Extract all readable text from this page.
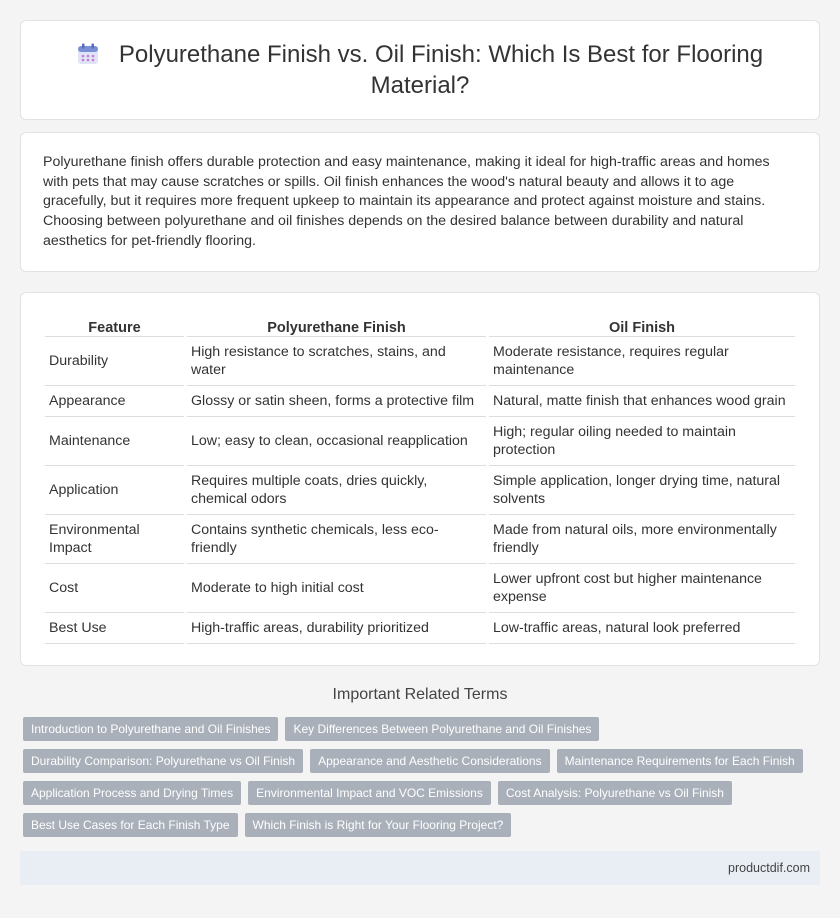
Polyurethane Finish vs. Oil Finish: Which Is Best for Flooring Material?

Polyurethane finish offers durable protection and easy maintenance, making it ideal for high-traffic areas and homes with pets that may cause scratches or spills. Oil finish enhances the wood's natural beauty and allows it to age gracefully, but it requires more frequent upkeep to maintain its appearance and protect against moisture and stains. Choosing between polyurethane and oil finishes depends on the desired balance between durability and natural aesthetics for pet-friendly flooring.

Feature	Polyurethane Finish	Oil Finish
Durability	High resistance to scratches, stains, and water	Moderate resistance, requires regular maintenance
Appearance	Glossy or satin sheen, forms a protective film	Natural, matte finish that enhances wood grain
Maintenance	Low; easy to clean, occasional reapplication	High; regular oiling needed to maintain protection
Application	Requires multiple coats, dries quickly, chemical odors	Simple application, longer drying time, natural solvents
Environmental Impact	Contains synthetic chemicals, less eco-friendly	Made from natural oils, more environmentally friendly
Cost	Moderate to high initial cost	Lower upfront cost but higher maintenance expense
Best Use	High-traffic areas, durability prioritized	Low-traffic areas, natural look preferred
Important Related Terms
Introduction to Polyurethane and Oil Finishes	Key Differences Between Polyurethane and Oil Finishes
Durability Comparison: Polyurethane vs Oil Finish	Appearance and Aesthetic Considerations	Maintenance Requirements for Each Finish
Application Process and Drying Times	Environmental Impact and VOC Emissions	Cost Analysis: Polyurethane vs Oil Finish
Best Use Cases for Each Finish Type	Which Finish is Right for Your Flooring Project?
productdif.com
